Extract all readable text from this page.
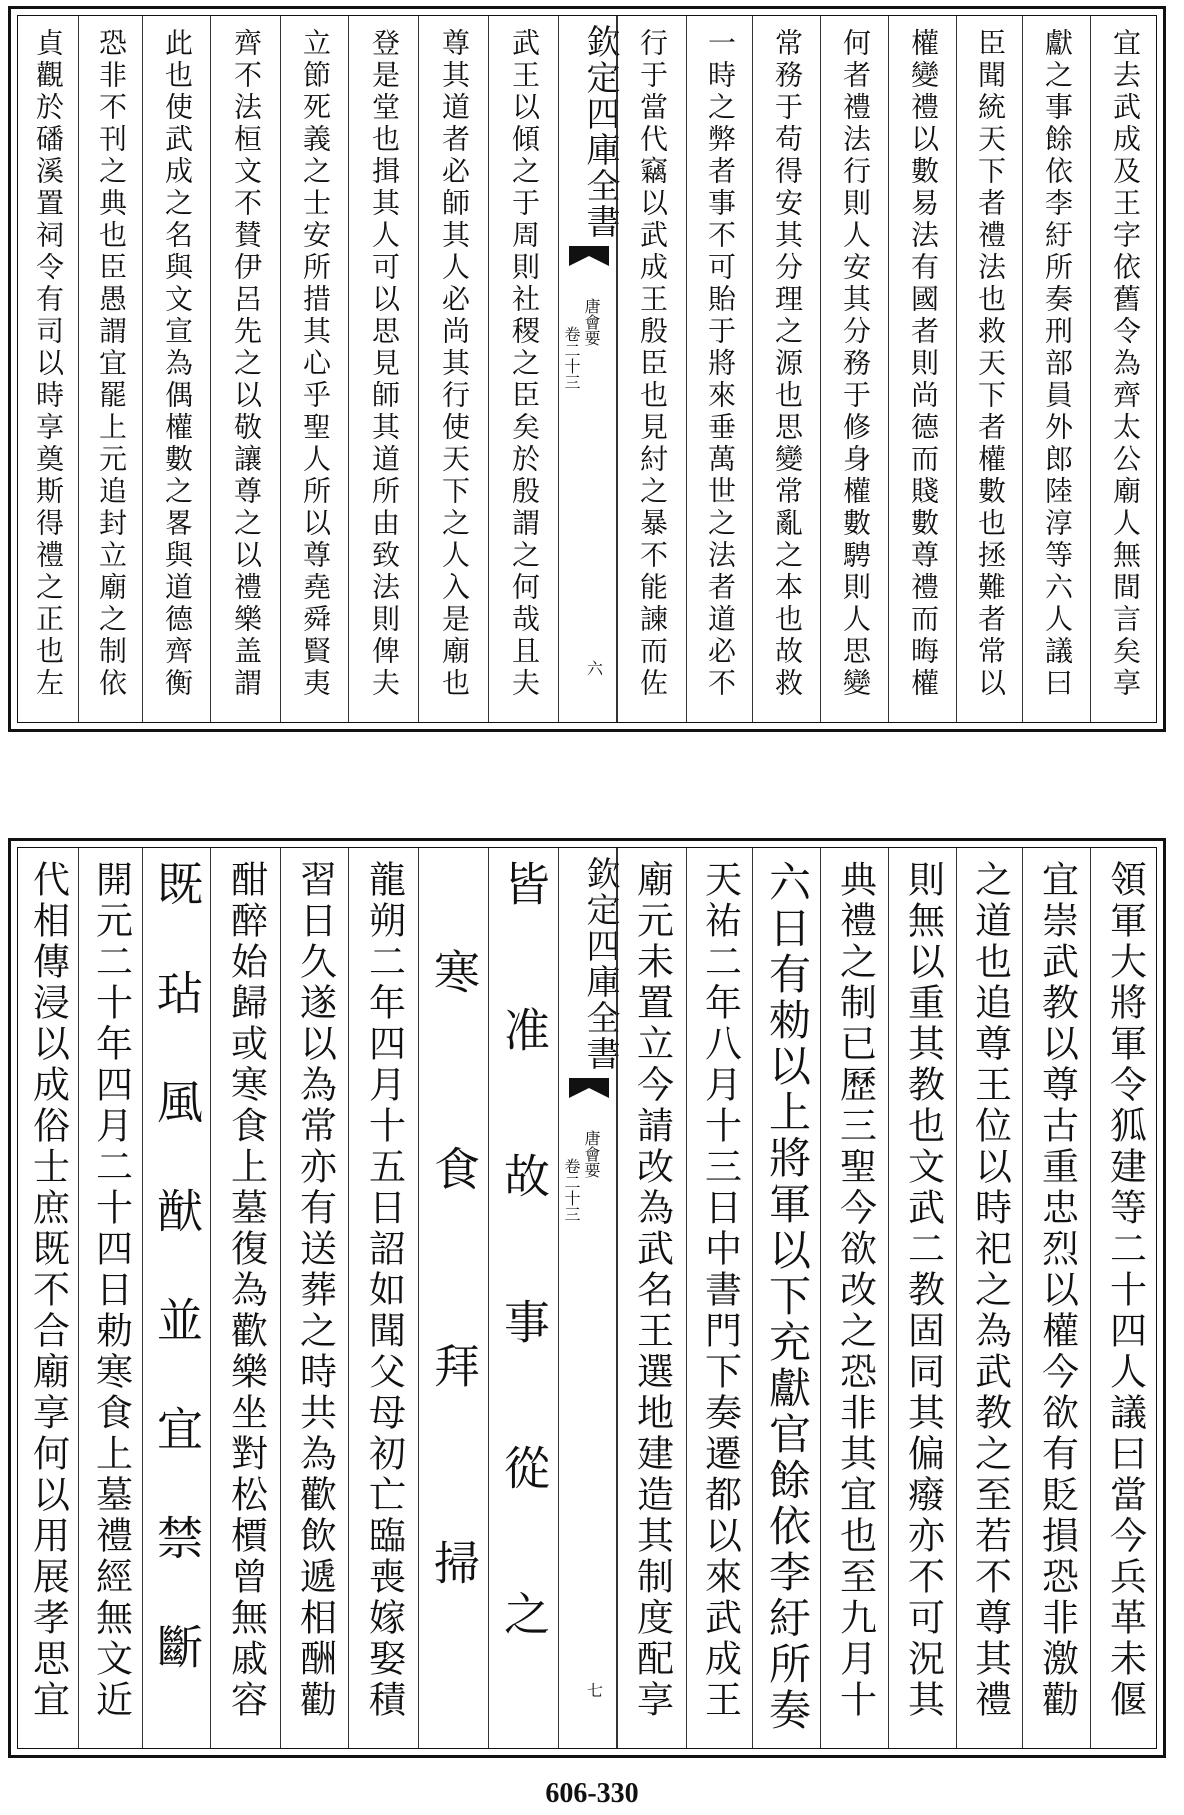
貞觀於磻溪置祠令有司以時享奠斯得禮之正也左	恐非不刊之典也臣愚謂宜罷上元追封立廟之制依	此也使武成之名與文宣為偶權數之畧與道德齊衡	齊不法桓文不賛伊呂先之以敬讓尊之以禮樂盖謂	立節死義之士安所措其心乎聖人所以尊堯舜賢夷	登是堂也揖其人可以思見師其道所由致法則俾夫	尊其道者必師其人必尚其行使天下之人入是廟也	武王以傾之于周則社稷之臣矣於殷謂之何哉且夫	欽定四庫全書
唐會要
卷二十三
六	行于當代竊以武成王殷臣也見紂之暴不能諫而佐	一時之弊者事不可貽于將來垂萬世之法者道必不	常務于苟得安其分理之源也思變常亂之本也故救	何者禮法行則人安其分務于修身權數騁則人思變	權變禮以數易法有國者則尚德而賤數尊禮而晦權	臣聞統天下者禮法也救天下者權數也拯難者常以	獻之事餘依李紆所奏刑部員外郎陸淳等六人議曰	宜去武成及王字依舊令為齊太公廟人無間言矣享
代相傳浸以成俗士庶既不合廟享何以用展孝思宜 開元二十年四月二十四日勅寒食上墓禮經無文近 既玷風猷並宜禁斷 酣醉始歸或寒食上墓復為歡樂坐對松檟曾無戚容 習日久遂以為常亦有送葬之時共為歡飲遞相酬勸 龍朔二年四月十五日詔如聞父母初亡臨喪嫁娶積 寒食拜掃 皆准故事從之 欽定四庫全書
唐會要
卷二十三
七 廟元未置立今請改為武名王選地建造其制度配享 天祐二年八月十三日中書門下奏遷都以來武成王 六日有勑以上將軍以下充獻官餘依李紆所奏 典禮之制已歷三聖今欲改之恐非其宜也至九月十 則無以重其教也文武二教固同其偏癈亦不可況其 之道也追尊王位以時祀之為武教之至若不尊其禮 宜崇武教以尊古重忠烈以權今欲有貶損恐非激勸 領軍大將軍令狐建等二十四人議曰當今兵革未偃
606-330
